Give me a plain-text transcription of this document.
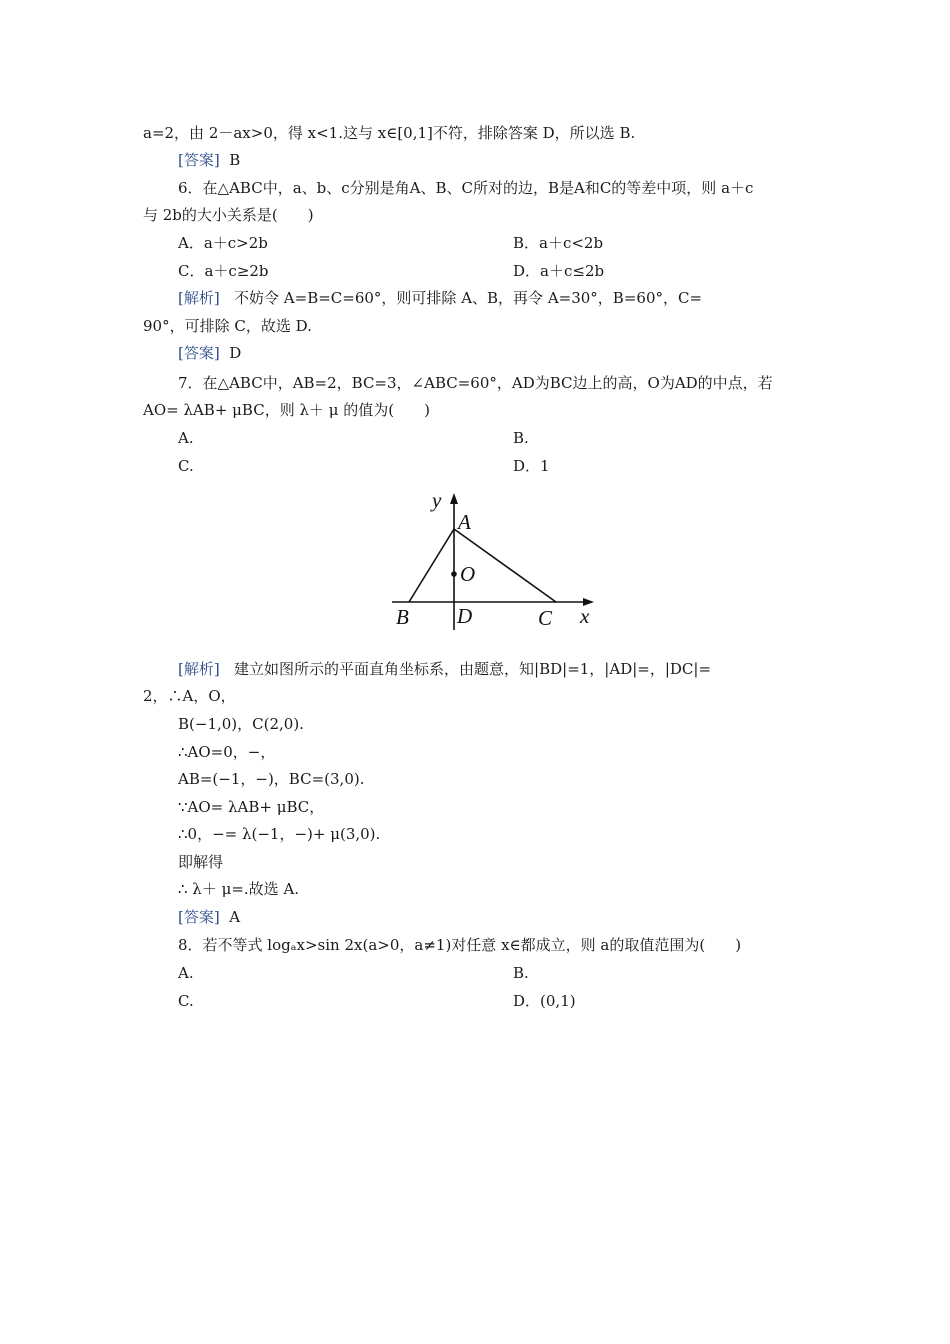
a=2，由 2－ax>0，得 x<1.这与 x∈[0,1]不符，排除答案 D，所以选 B.
[答案] B
6．在△ABC中，a、b、c分别是角A、B、C所对的边，B是A和C的等差中项，则 a＋c
与 2b的大小关系是(　　)
A．a＋c>2b	B．a＋c<2b
C．a＋c≥2b	D．a＋c≤2b
[解析] 不妨令 A=B=C=60°，则可排除 A、B，再令 A=30°，B=60°，C=
90°，可排除 C，故选 D.
[答案] D
7．在△ABC中，AB=2，BC=3，∠ABC=60°，AD为BC边上的高，O为AD的中点，若
AO= λAB+ μBC，则 λ＋ μ 的值为(　　)
A.	B.
C.	D．1
y
A
O
B D	C x
[解析] 建立如图所示的平面直角坐标系，由题意，知|BD|=1，|AD|=，|DC|=
2，∴A，O，
B(−1,0)，C(2,0).
∴AO=0，−，
AB=(−1，−)，BC=(3,0).
∵AO= λAB+ μBC，
∴0，−= λ(−1，−)+ μ(3,0).
即解得
∴ λ＋ μ=.故选 A.
[答案] A
8．若不等式 logₐx>sin 2x(a>0，a≠1)对任意 x∈都成立，则 a的取值范围为(　　)
A.	B.
C.	D．(0,1)
